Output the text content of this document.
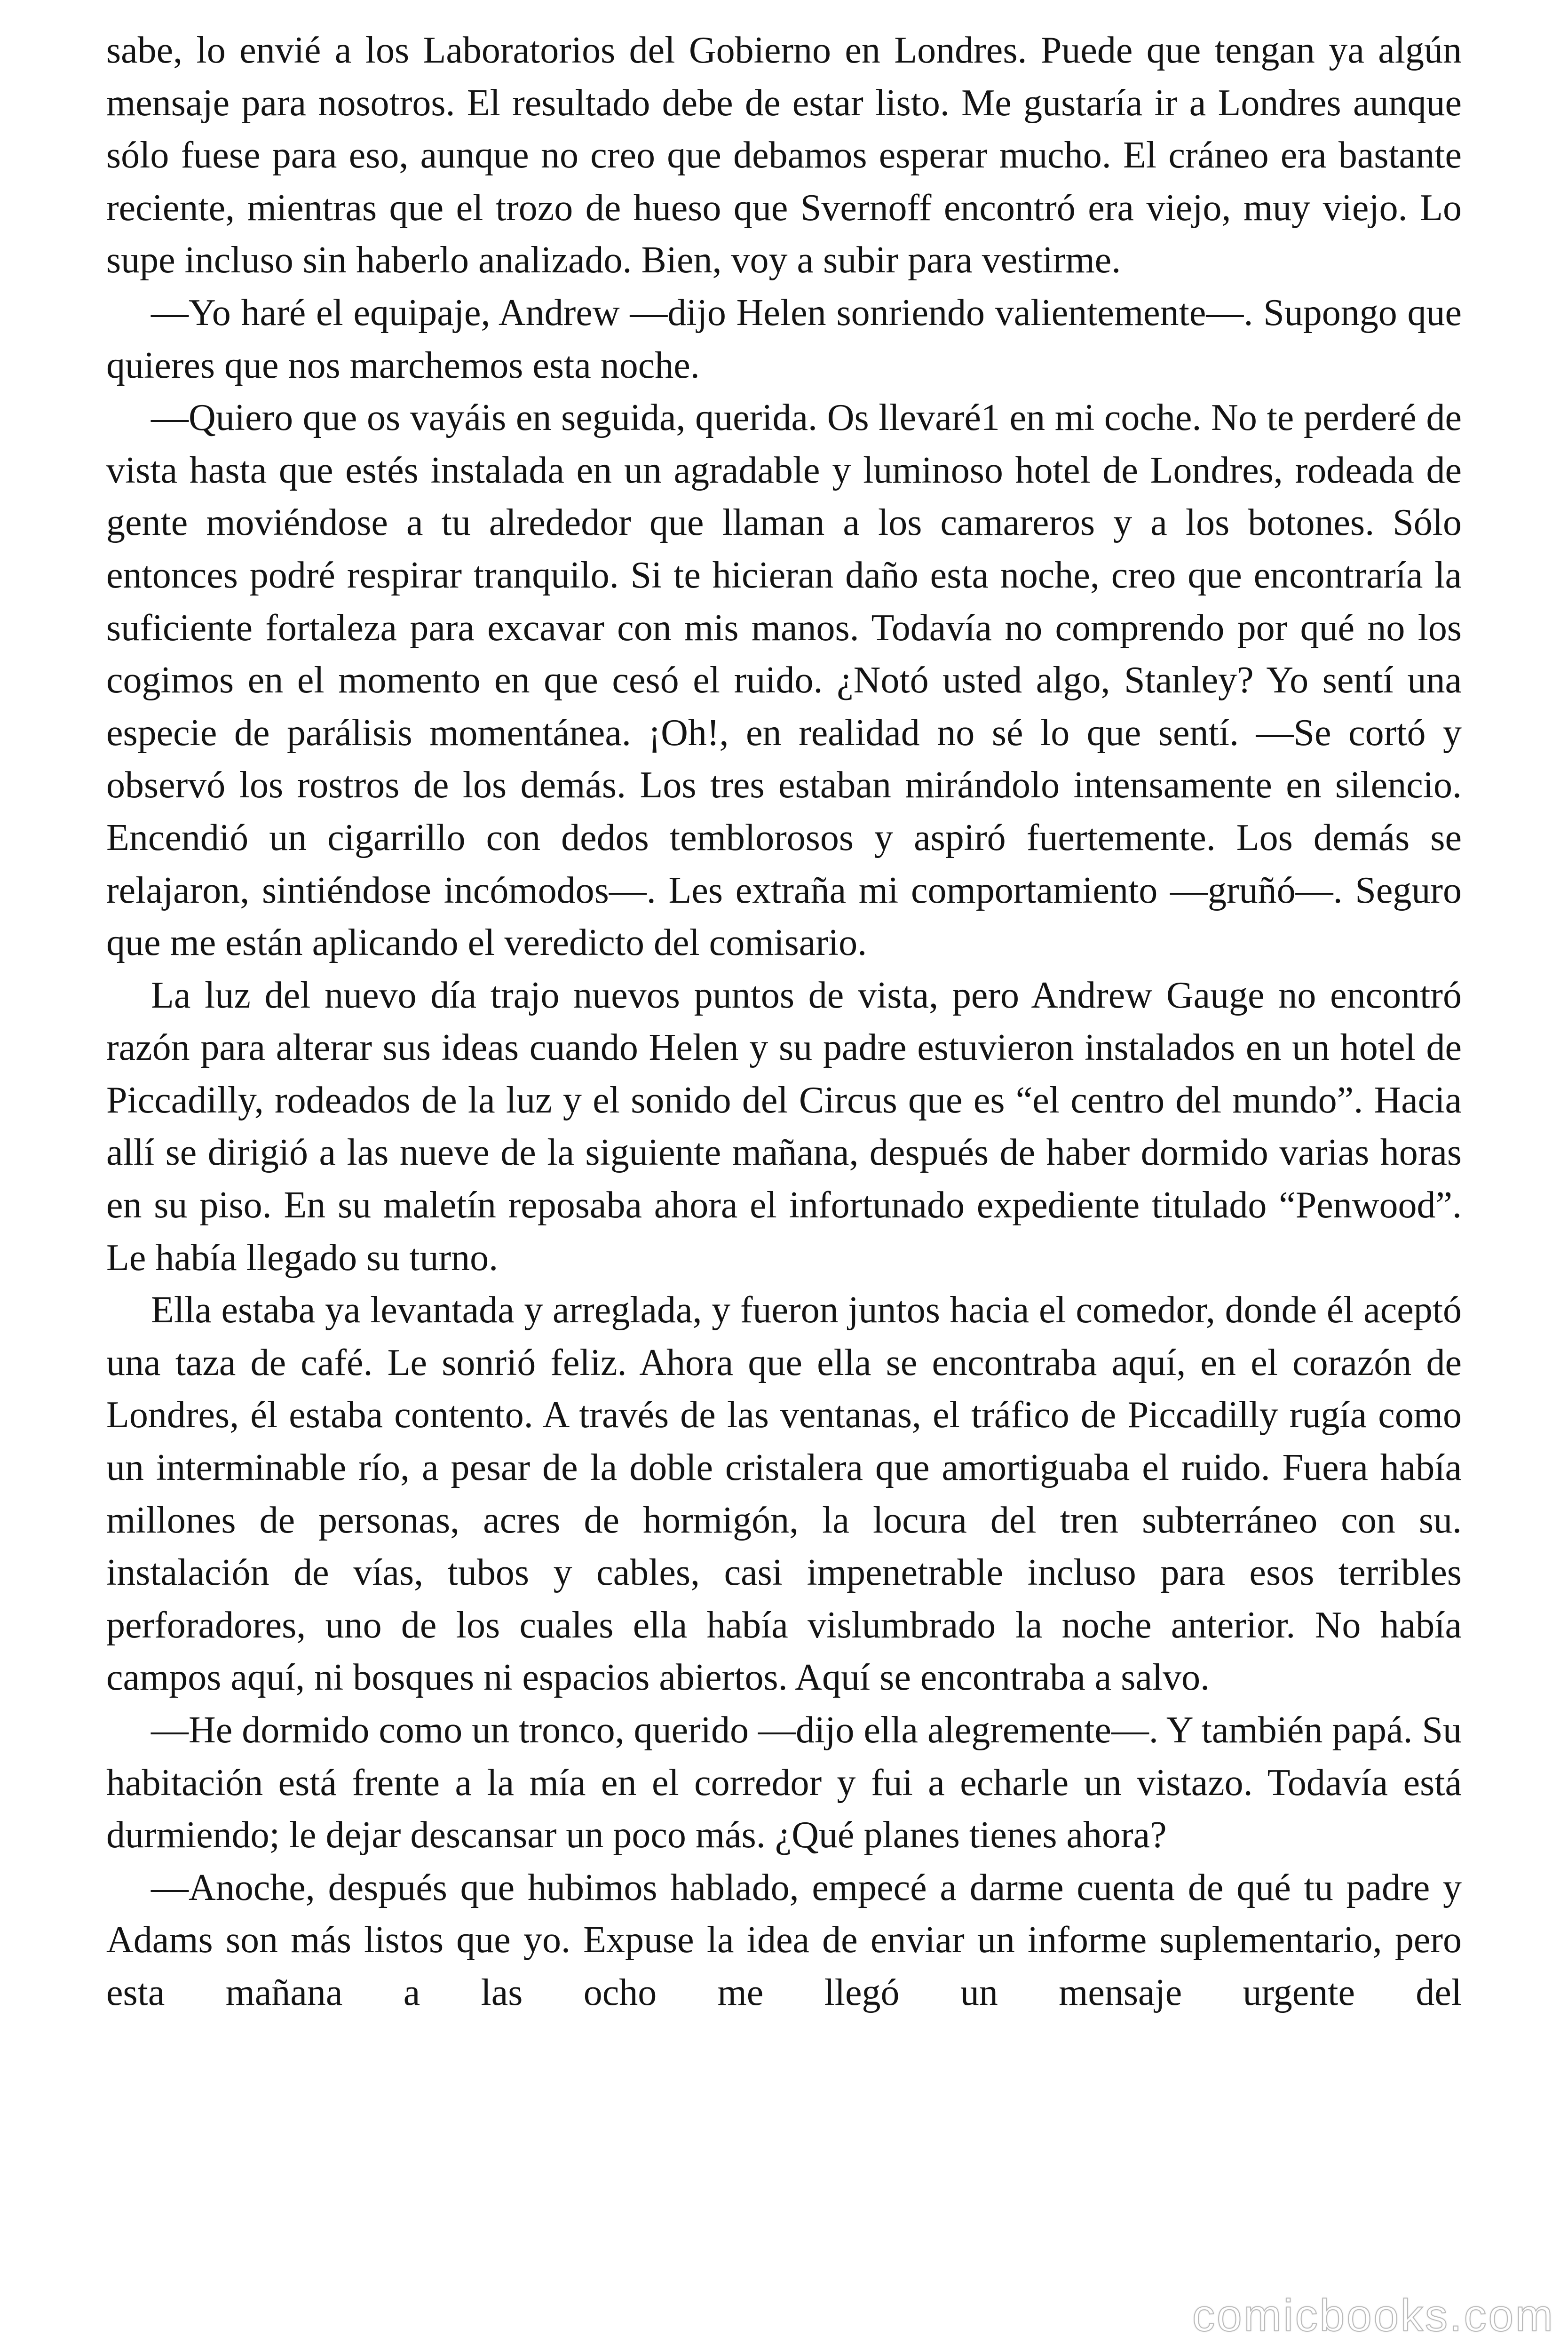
sabe, lo envié a los Laboratorios del Gobierno en Londres. Puede que tengan ya algún mensaje para nosotros. El resultado debe de estar listo. Me gustaría ir a Londres aunque sólo fuese para eso, aunque no creo que debamos esperar mucho. El cráneo era bastante reciente, mientras que el trozo de hueso que Svernoff encontró era viejo, muy viejo. Lo supe incluso sin haberlo analizado. Bien, voy a subir para vestirme.

—Yo haré el equipaje, Andrew —dijo Helen sonriendo valientemente—. Supongo que quieres que nos marchemos esta noche.

—Quiero que os vayáis en seguida, querida. Os llevaré1 en mi coche. No te perderé de vista hasta que estés instalada en un agradable y luminoso hotel de Londres, rodeada de gente moviéndose a tu alrededor que llaman a los camareros y a los botones. Sólo entonces podré respirar tranquilo. Si te hicieran daño esta noche, creo que encontraría la suficiente fortaleza para excavar con mis manos. Todavía no comprendo por qué no los cogimos en el momento en que cesó el ruido. ¿Notó usted algo, Stanley? Yo sentí una especie de parálisis momentánea. ¡Oh!, en realidad no sé lo que sentí. —Se cortó y observó los rostros de los demás. Los tres estaban mirándolo intensamente en silencio. Encendió un cigarrillo con dedos temblorosos y aspiró fuertemente. Los demás se relajaron, sintiéndose incómodos—. Les extraña mi comportamiento —gruñó—. Seguro que me están aplicando el veredicto del comisario.

La luz del nuevo día trajo nuevos puntos de vista, pero Andrew Gauge no encontró razón para alterar sus ideas cuando Helen y su padre estuvieron instalados en un hotel de Piccadilly, rodeados de la luz y el sonido del Circus que es “el centro del mundo”. Hacia allí se dirigió a las nueve de la siguiente mañana, después de haber dormido varias horas en su piso. En su maletín reposaba ahora el infortunado expediente titulado “Penwood”. Le había llegado su turno.

Ella estaba ya levantada y arreglada, y fueron juntos hacia el comedor, donde él aceptó una taza de café. Le sonrió feliz. Ahora que ella se encontraba aquí, en el corazón de Londres, él estaba contento. A través de las ventanas, el tráfico de Piccadilly rugía como un interminable río, a pesar de la doble cristalera que amortiguaba el ruido. Fuera había millones de personas, acres de hormigón, la locura del tren subterráneo con su. instalación de vías, tubos y cables, casi impenetrable incluso para esos terribles perforadores, uno de los cuales ella había vislumbrado la noche anterior. No había campos aquí, ni bosques ni espacios abiertos. Aquí se encontraba a salvo.

—He dormido como un tronco, querido —dijo ella alegremente—. Y también papá. Su habitación está frente a la mía en el corredor y fui a echarle un vistazo. Todavía está durmiendo; le dejar descansar un poco más. ¿Qué planes tienes ahora?

—Anoche, después que hubimos hablado, empecé a darme cuenta de qué tu padre y Adams son más listos que yo. Expuse la idea de enviar un informe suplementario, pero esta mañana a las ocho me llegó un mensaje urgente del

comicbooks.com
